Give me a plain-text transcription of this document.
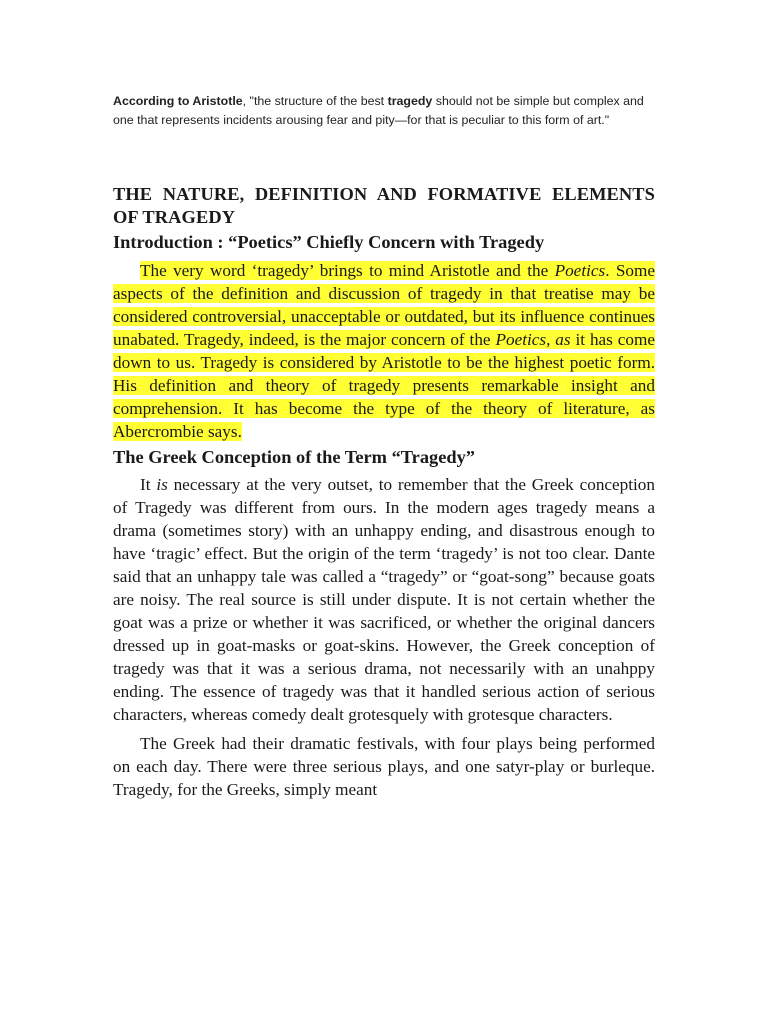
According to Aristotle, "the structure of the best tragedy should not be simple but complex and one that represents incidents arousing fear and pity—for that is peculiar to this form of art."

THE NATURE, DEFINITION AND FORMATIVE ELEMENTS OF TRAGEDY
Introduction : “Poetics” Chiefly Concern with Tragedy

The very word ‘tragedy’ brings to mind Aristotle and the Poetics. Some aspects of the definition and discussion of tragedy in that treatise may be considered controversial, unacceptable or outdated, but its influence continues unabated. Tragedy, indeed, is the major concern of the Poetics, as it has come down to us. Tragedy is considered by Aristotle to be the highest poetic form. His definition and theory of tragedy presents remarkable insight and comprehension. It has become the type of the theory of literature, as Abercrombie says.

The Greek Conception of the Term “Tragedy”

It is necessary at the very outset, to remember that the Greek conception of Tragedy was different from ours. In the modern ages tragedy means a drama (sometimes story) with an unhappy ending, and disastrous enough to have ‘tragic’ effect. But the origin of the term ‘tragedy’ is not too clear. Dante said that an unhappy tale was called a “tragedy” or “goat-song” because goats are noisy. The real source is still under dispute. It is not certain whether the goat was a prize or whether it was sacrificed, or whether the original dancers dressed up in goat-masks or goat-skins. However, the Greek conception of tragedy was that it was a serious drama, not necessarily with an unahppy ending. The essence of tragedy was that it handled serious action of serious characters, whereas comedy dealt grotesquely with grotesque characters.

The Greek had their dramatic festivals, with four plays being performed on each day. There were three serious plays, and one satyr-play or burleque. Tragedy, for the Greeks, simply meant
